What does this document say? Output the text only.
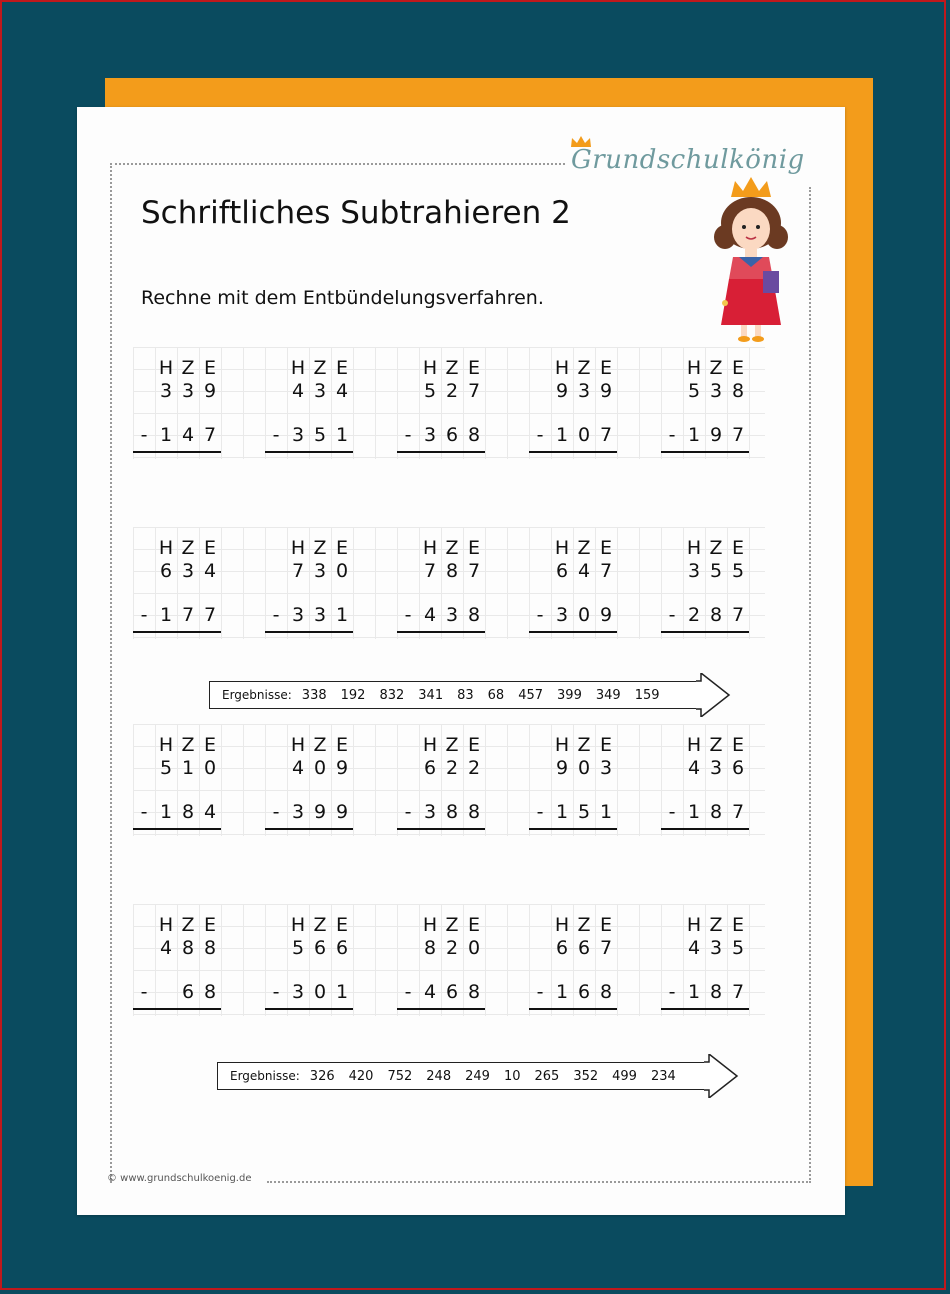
Grundschulkönig
Schriftliches Subtrahieren 2
Rechne mit dem Entbündelungsverfahren.
H Z E
3 3 9
- 1 4 7
H Z E
4 3 4
- 3 5 1
H Z E
5 2 7
- 3 6 8
H Z E
9 3 9
- 1 0 7
H Z E
5 3 8
- 1 9 7
H Z E
6 3 4
- 1 7 7
H Z E
7 3 0
- 3 3 1
H Z E
7 8 7
- 4 3 8
H Z E
6 4 7
- 3 0 9
H Z E
3 5 5
- 2 8 7
H Z E
5 1 0
- 1 8 4
H Z E
4 0 9
- 3 9 9
H Z E
6 2 2
- 3 8 8
H Z E
9 0 3
- 1 5 1
H Z E
4 3 6
- 1 8 7
H Z E
4 8 8
-	6 8
H Z E
5 6 6
- 3 0 1
H Z E
8 2 0
- 4 6 8
H Z E
6 6 7
- 1 6 8
H Z E
4 3 5
- 1 8 7
Ergebnisse: 338 192 832 341 83 68 457 399 349 159
Ergebnisse: 326 420 752 248 249 10 265 352 499 234
© www.grundschulkoenig.de
